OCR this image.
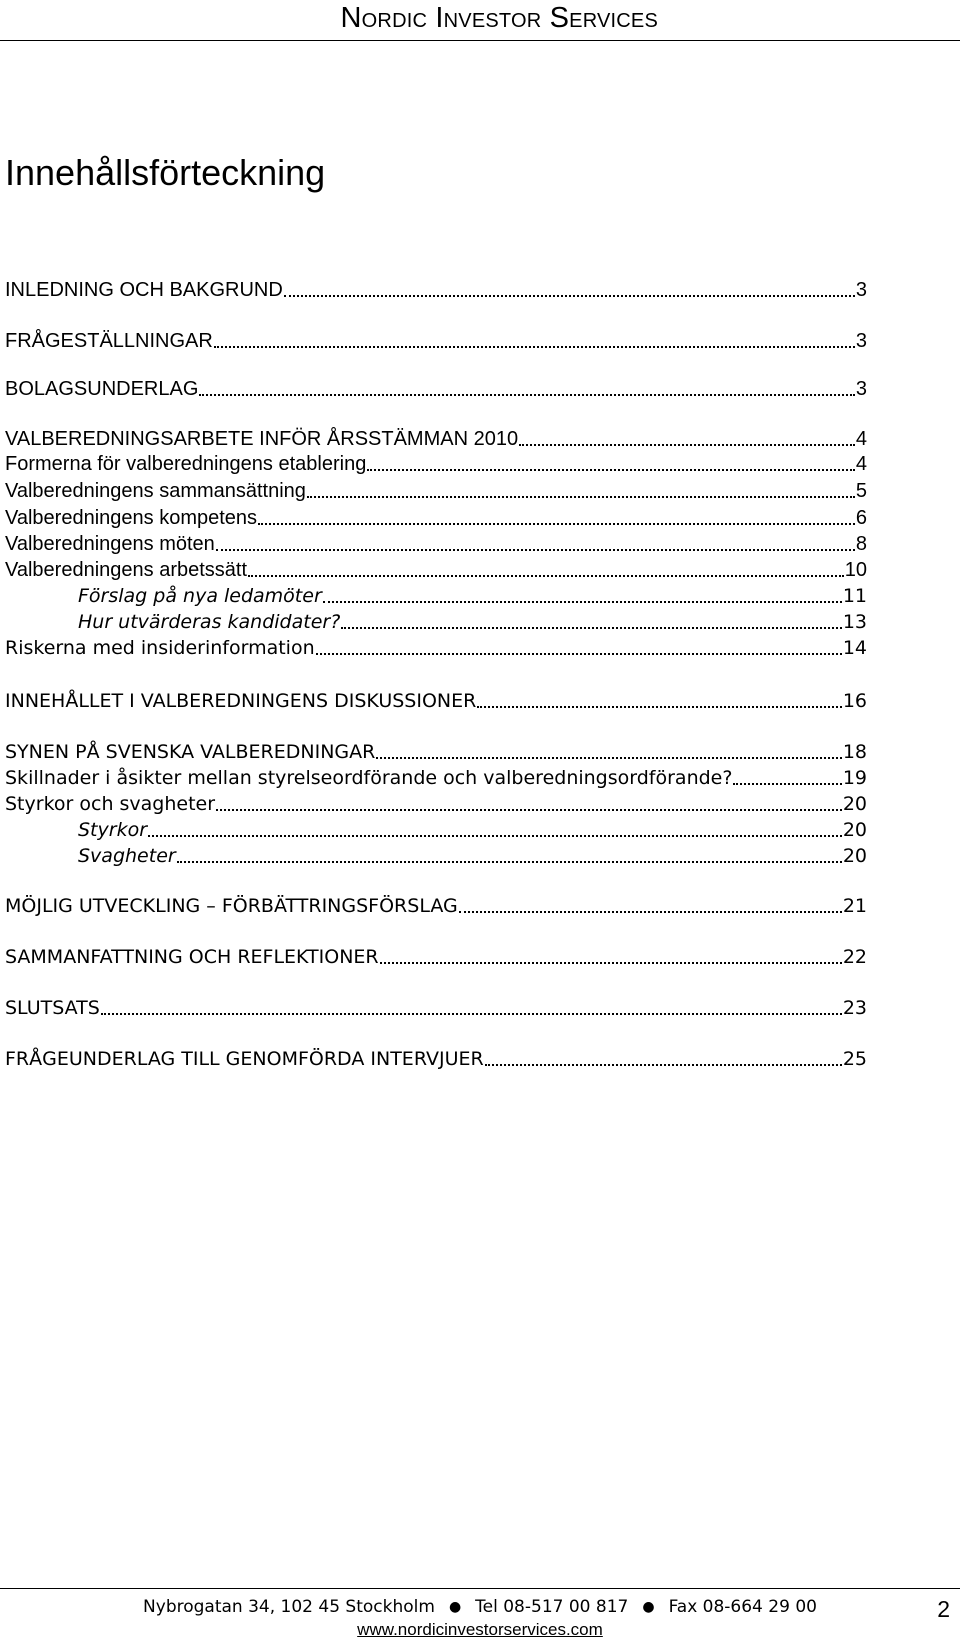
Nordic Investor Services
Innehållsförteckning
INLEDNING OCH BAKGRUND	3
FRÅGESTÄLLNINGAR	3
BOLAGSUNDERLAG	3
VALBEREDNINGSARBETE INFÖR ÅRSSTÄMMAN 2010	4
Formerna för valberedningens etablering	4
Valberedningens sammansättning	5
Valberedningens kompetens	6
Valberedningens möten	8
Valberedningens arbetssätt	10
Förslag på nya ledamöter	11
Hur utvärderas kandidater?	13
Riskerna med insiderinformation	14
INNEHÅLLET I VALBEREDNINGENS DISKUSSIONER	16
SYNEN PÅ SVENSKA VALBEREDNINGAR	18
Skillnader i åsikter mellan styrelseordförande och valberedningsordförande?	19
Styrkor och svagheter	20
Styrkor	20
Svagheter	20
MÖJLIG UTVECKLING – FÖRBÄTTRINGSFÖRSLAG	21
SAMMANFATTNING OCH REFLEKTIONER	22
SLUTSATS	23
FRÅGEUNDERLAG TILL GENOMFÖRDA INTERVJUER	25
Nybrogatan 34, 102 45 Stockholm ● Tel 08-517 00 817 ● Fax 08-664 29 00
www.nordicinvestorservices.com
2
